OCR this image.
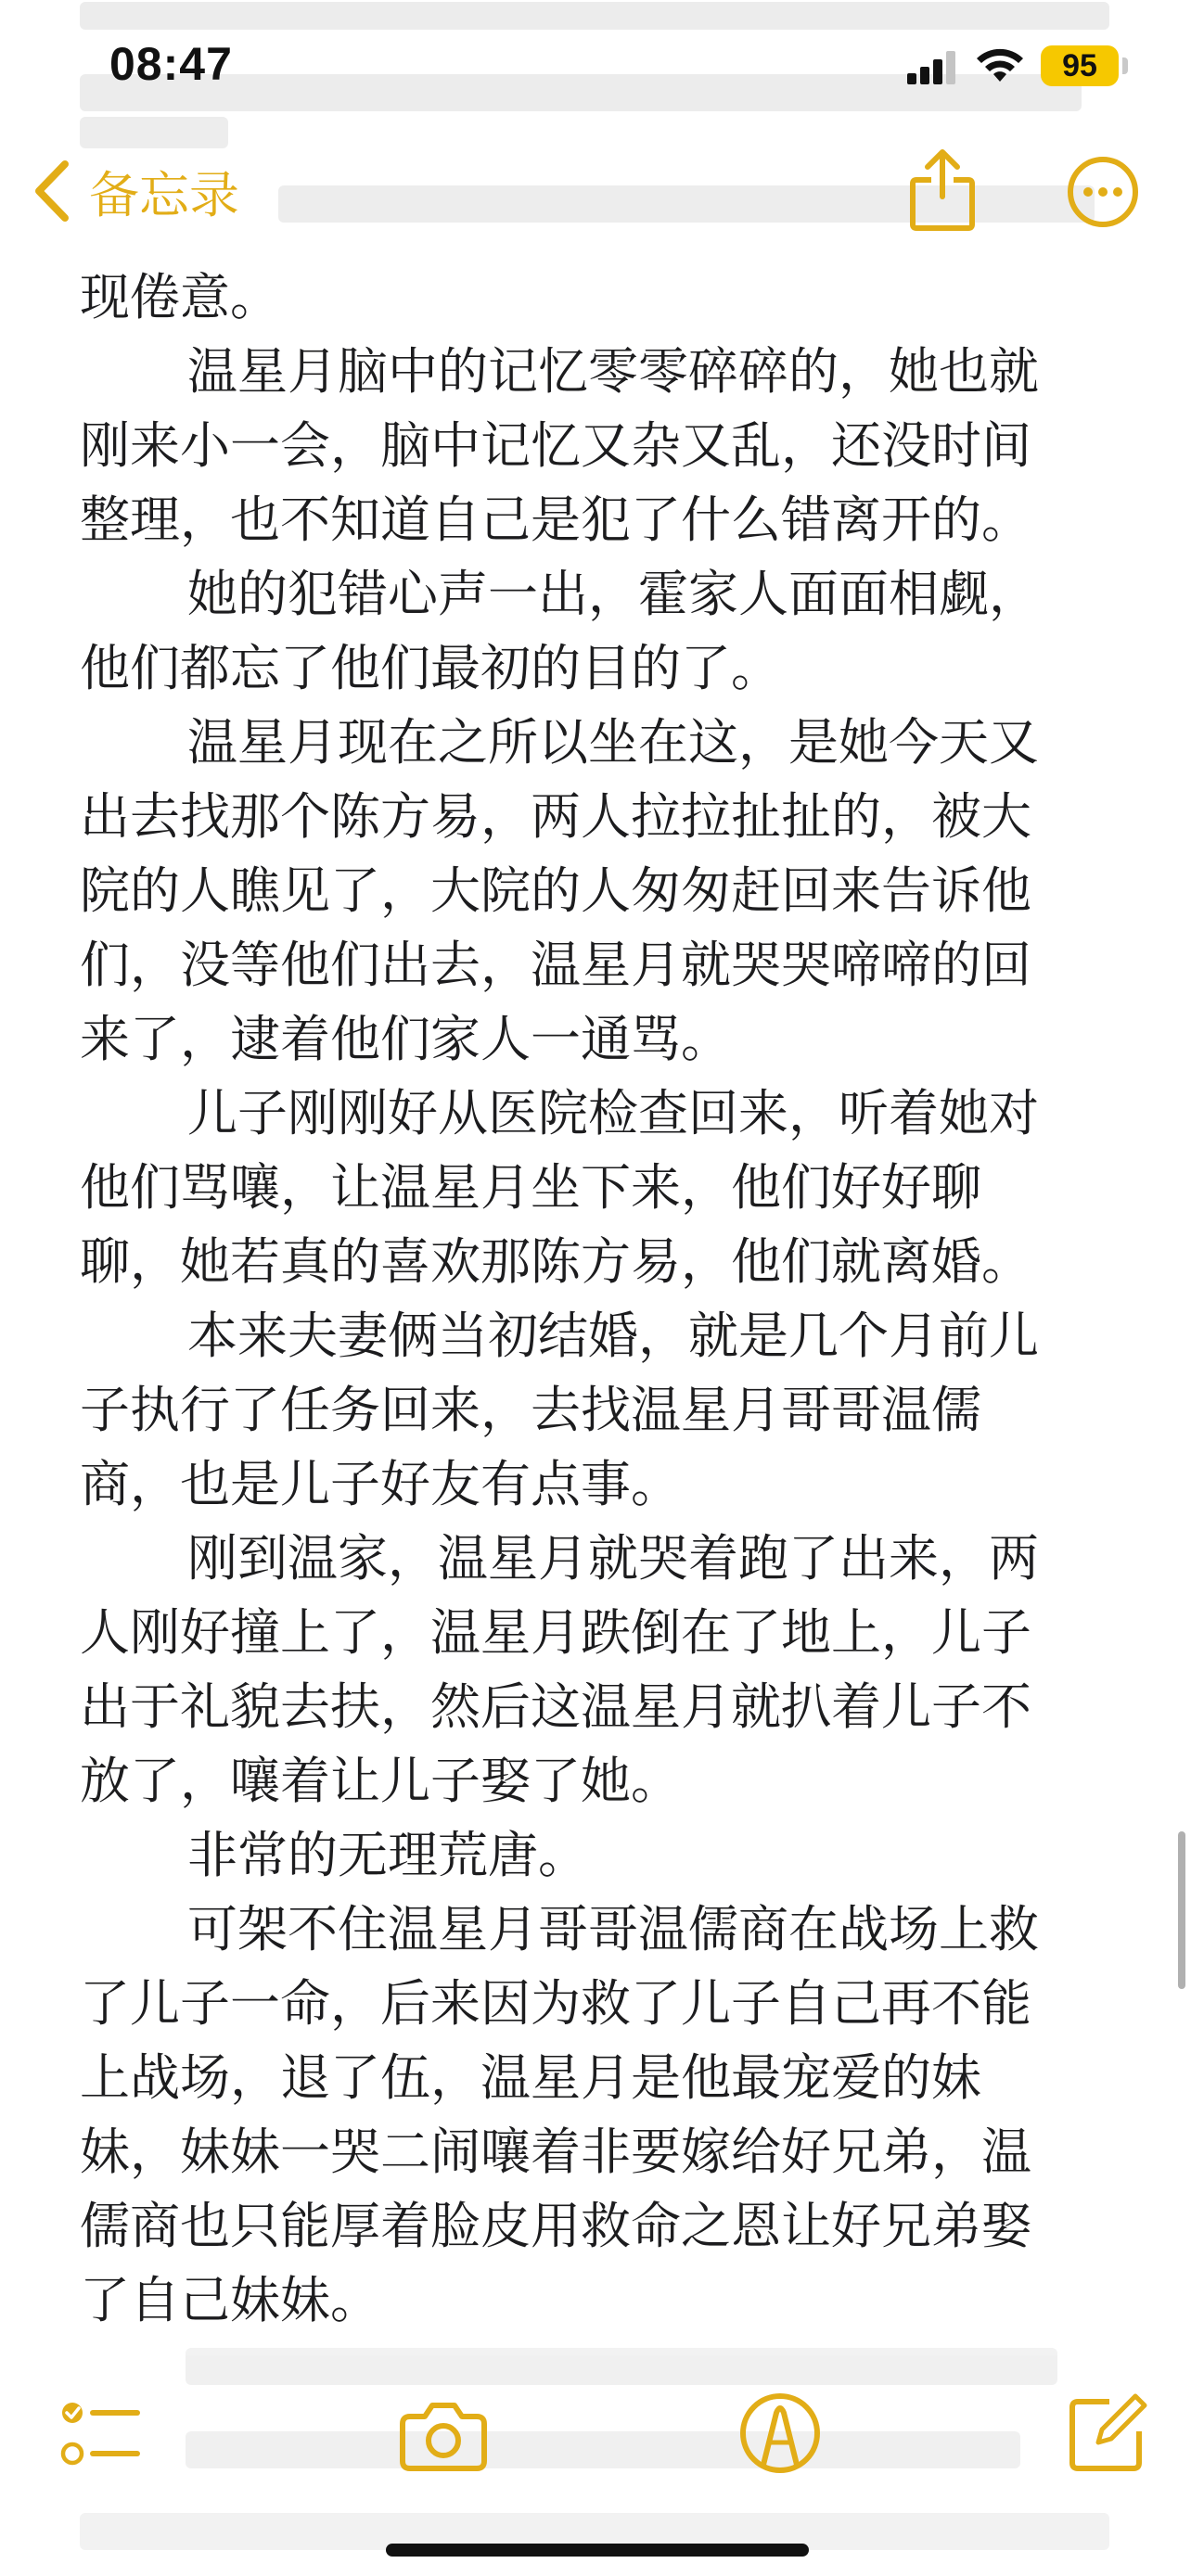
08:47	95
备忘录
现倦意。
温星月脑中的记忆零零碎碎的，她也就
刚来小一会，脑中记忆又杂又乱，还没时间
整理，也不知道自己是犯了什么错离开的。
她的犯错心声一出，霍家人面面相觑，
他们都忘了他们最初的目的了。
温星月现在之所以坐在这，是她今天又
出去找那个陈方易，两人拉拉扯扯的，被大
院的人瞧见了，大院的人匆匆赶回来告诉他
们，没等他们出去，温星月就哭哭啼啼的回
来了，逮着他们家人一通骂。
儿子刚刚好从医院检查回来，听着她对
他们骂嚷，让温星月坐下来，他们好好聊
聊，她若真的喜欢那陈方易，他们就离婚。
本来夫妻俩当初结婚，就是几个月前儿
子执行了任务回来，去找温星月哥哥温儒
商，也是儿子好友有点事。
刚到温家，温星月就哭着跑了出来，两
人刚好撞上了，温星月跌倒在了地上，儿子
出于礼貌去扶，然后这温星月就扒着儿子不
放了，嚷着让儿子娶了她。
非常的无理荒唐。
可架不住温星月哥哥温儒商在战场上救
了儿子一命，后来因为救了儿子自己再不能
上战场，退了伍，温星月是他最宠爱的妹
妹，妹妹一哭二闹嚷着非要嫁给好兄弟，温
儒商也只能厚着脸皮用救命之恩让好兄弟娶
了自己妹妹。
